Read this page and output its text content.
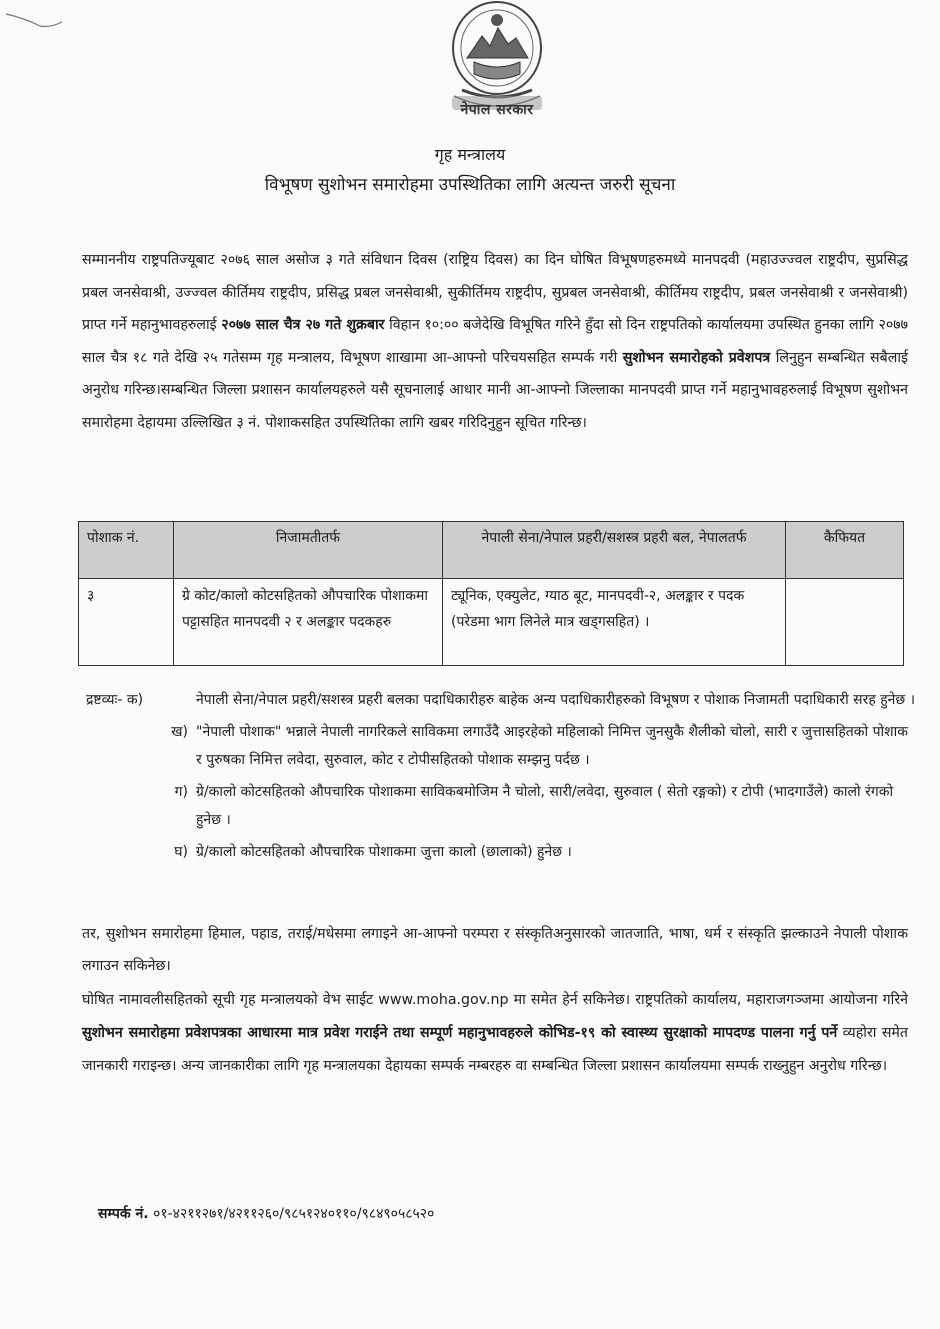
नेपाल सरकार
गृह मन्त्रालय
विभूषण सुशोभन समारोहमा उपस्थितिका लागि अत्यन्त जरुरी सूचना
सम्माननीय राष्ट्रपतिज्यूबाट २०७६ साल असोज ३ गते संविधान दिवस (राष्ट्रिय दिवस) का दिन घोषित विभूषणहरुमध्ये मानपदवी (महाउज्ज्वल राष्ट्रदीप, सुप्रसिद्ध प्रबल जनसेवाश्री, उज्ज्वल कीर्तिमय राष्ट्रदीप, प्रसिद्ध प्रबल जनसेवाश्री, सुकीर्तिमय राष्ट्रदीप, सुप्रबल जनसेवाश्री, कीर्तिमय राष्ट्रदीप, प्रबल जनसेवाश्री र जनसेवाश्री) प्राप्त गर्ने महानुभावहरुलाई २०७७ साल चैत्र २७ गते शुक्रबार विहान १०:०० बजेदेखि विभूषित गरिने हुँदा सो दिन राष्ट्रपतिको कार्यालयमा उपस्थित हुनका लागि २०७७ साल चैत्र १८ गते देखि २५ गतेसम्म गृह मन्त्रालय, विभूषण शाखामा आ-आफ्नो परिचयसहित सम्पर्क गरी सुशोभन समारोहको प्रवेशपत्र लिनुहुन सम्बन्धित सबैलाई अनुरोध गरिन्छ।सम्बन्धित जिल्ला प्रशासन कार्यालयहरुले यसै सूचनालाई आधार मानी आ-आफ्नो जिल्लाका मानपदवी प्राप्त गर्ने महानुभावहरुलाई विभूषण सुशोभन समारोहमा देहायमा उल्लिखित ३ नं. पोशाकसहित उपस्थितिका लागि खबर गरिदिनुहुन सूचित गरिन्छ।
पोशाक नं.	निजामतीतर्फ	नेपाली सेना/नेपाल प्रहरी/सशस्त्र प्रहरी बल, नेपालतर्फ	कैफियत
३	ग्रे कोट/कालो कोटसहितको औपचारिक पोशाकमा पट्टासहित मानपदवी २ र अलङ्कार पदकहरु	ट्यूनिक, एक्युलेट, ग्याठ बूट, मानपदवी-२, अलङ्कार र पदक (परेडमा भाग लिनेले मात्र खड्गसहित) ।	
द्रष्टव्यः- क)	नेपाली सेना/नेपाल प्रहरी/सशस्त्र प्रहरी बलका पदाधिकारीहरु बाहेक अन्य पदाधिकारीहरुको विभूषण र पोशाक निजामती पदाधिकारी सरह हुनेछ ।
ख) "नेपाली पोशाक" भन्नाले नेपाली नागरिकले साविकमा लगाउँदै आइरहेको महिलाको निमित्त जुनसुकै शैलीको चोलो, सारी र जुत्तासहितको पोशाक र पुरुषका निमित्त लवेदा, सुरुवाल, कोट र टोपीसहितको पोशाक सम्झनु पर्दछ ।
ग) ग्रे/कालो कोटसहितको औपचारिक पोशाकमा साविकबमोजिम नै चोलो, सारी/लवेदा, सुरुवाल ( सेतो रङ्गको) र टोपी (भादगाउँले) कालो रंगको हुनेछ ।
घ) ग्रे/कालो कोटसहितको औपचारिक पोशाकमा जुत्ता कालो (छालाको) हुनेछ ।
तर, सुशोभन समारोहमा हिमाल, पहाड, तराई/मधेसमा लगाइने आ-आफ्नो परम्परा र संस्कृतिअनुसारको जातजाति, भाषा, धर्म र संस्कृति झल्काउने नेपाली पोशाक लगाउन सकिनेछ।
घोषित नामावलीसहितको सूची गृह मन्त्रालयको वेभ साईट www.moha.gov.np मा समेत हेर्न सकिनेछ। राष्ट्रपतिको कार्यालय, महाराजगञ्जमा आयोजना गरिने सुशोभन समारोहमा प्रवेशपत्रका आधारमा मात्र प्रवेश गराईने तथा सम्पूर्ण महानुभावहरुले कोभिड-१९ को स्वास्थ्य सुरक्षाको मापदण्ड पालना गर्नु पर्ने व्यहोरा समेत जानकारी गराइन्छ। अन्य जानकारीका लागि गृह मन्त्रालयका देहायका सम्पर्क नम्बरहरु वा सम्बन्धित जिल्ला प्रशासन कार्यालयमा सम्पर्क राख्नुहुन अनुरोध गरिन्छ।
सम्पर्क नं. ०१-४२११२७१/४२११२६०/९८५१२४०११०/९८४९०५८५२०
